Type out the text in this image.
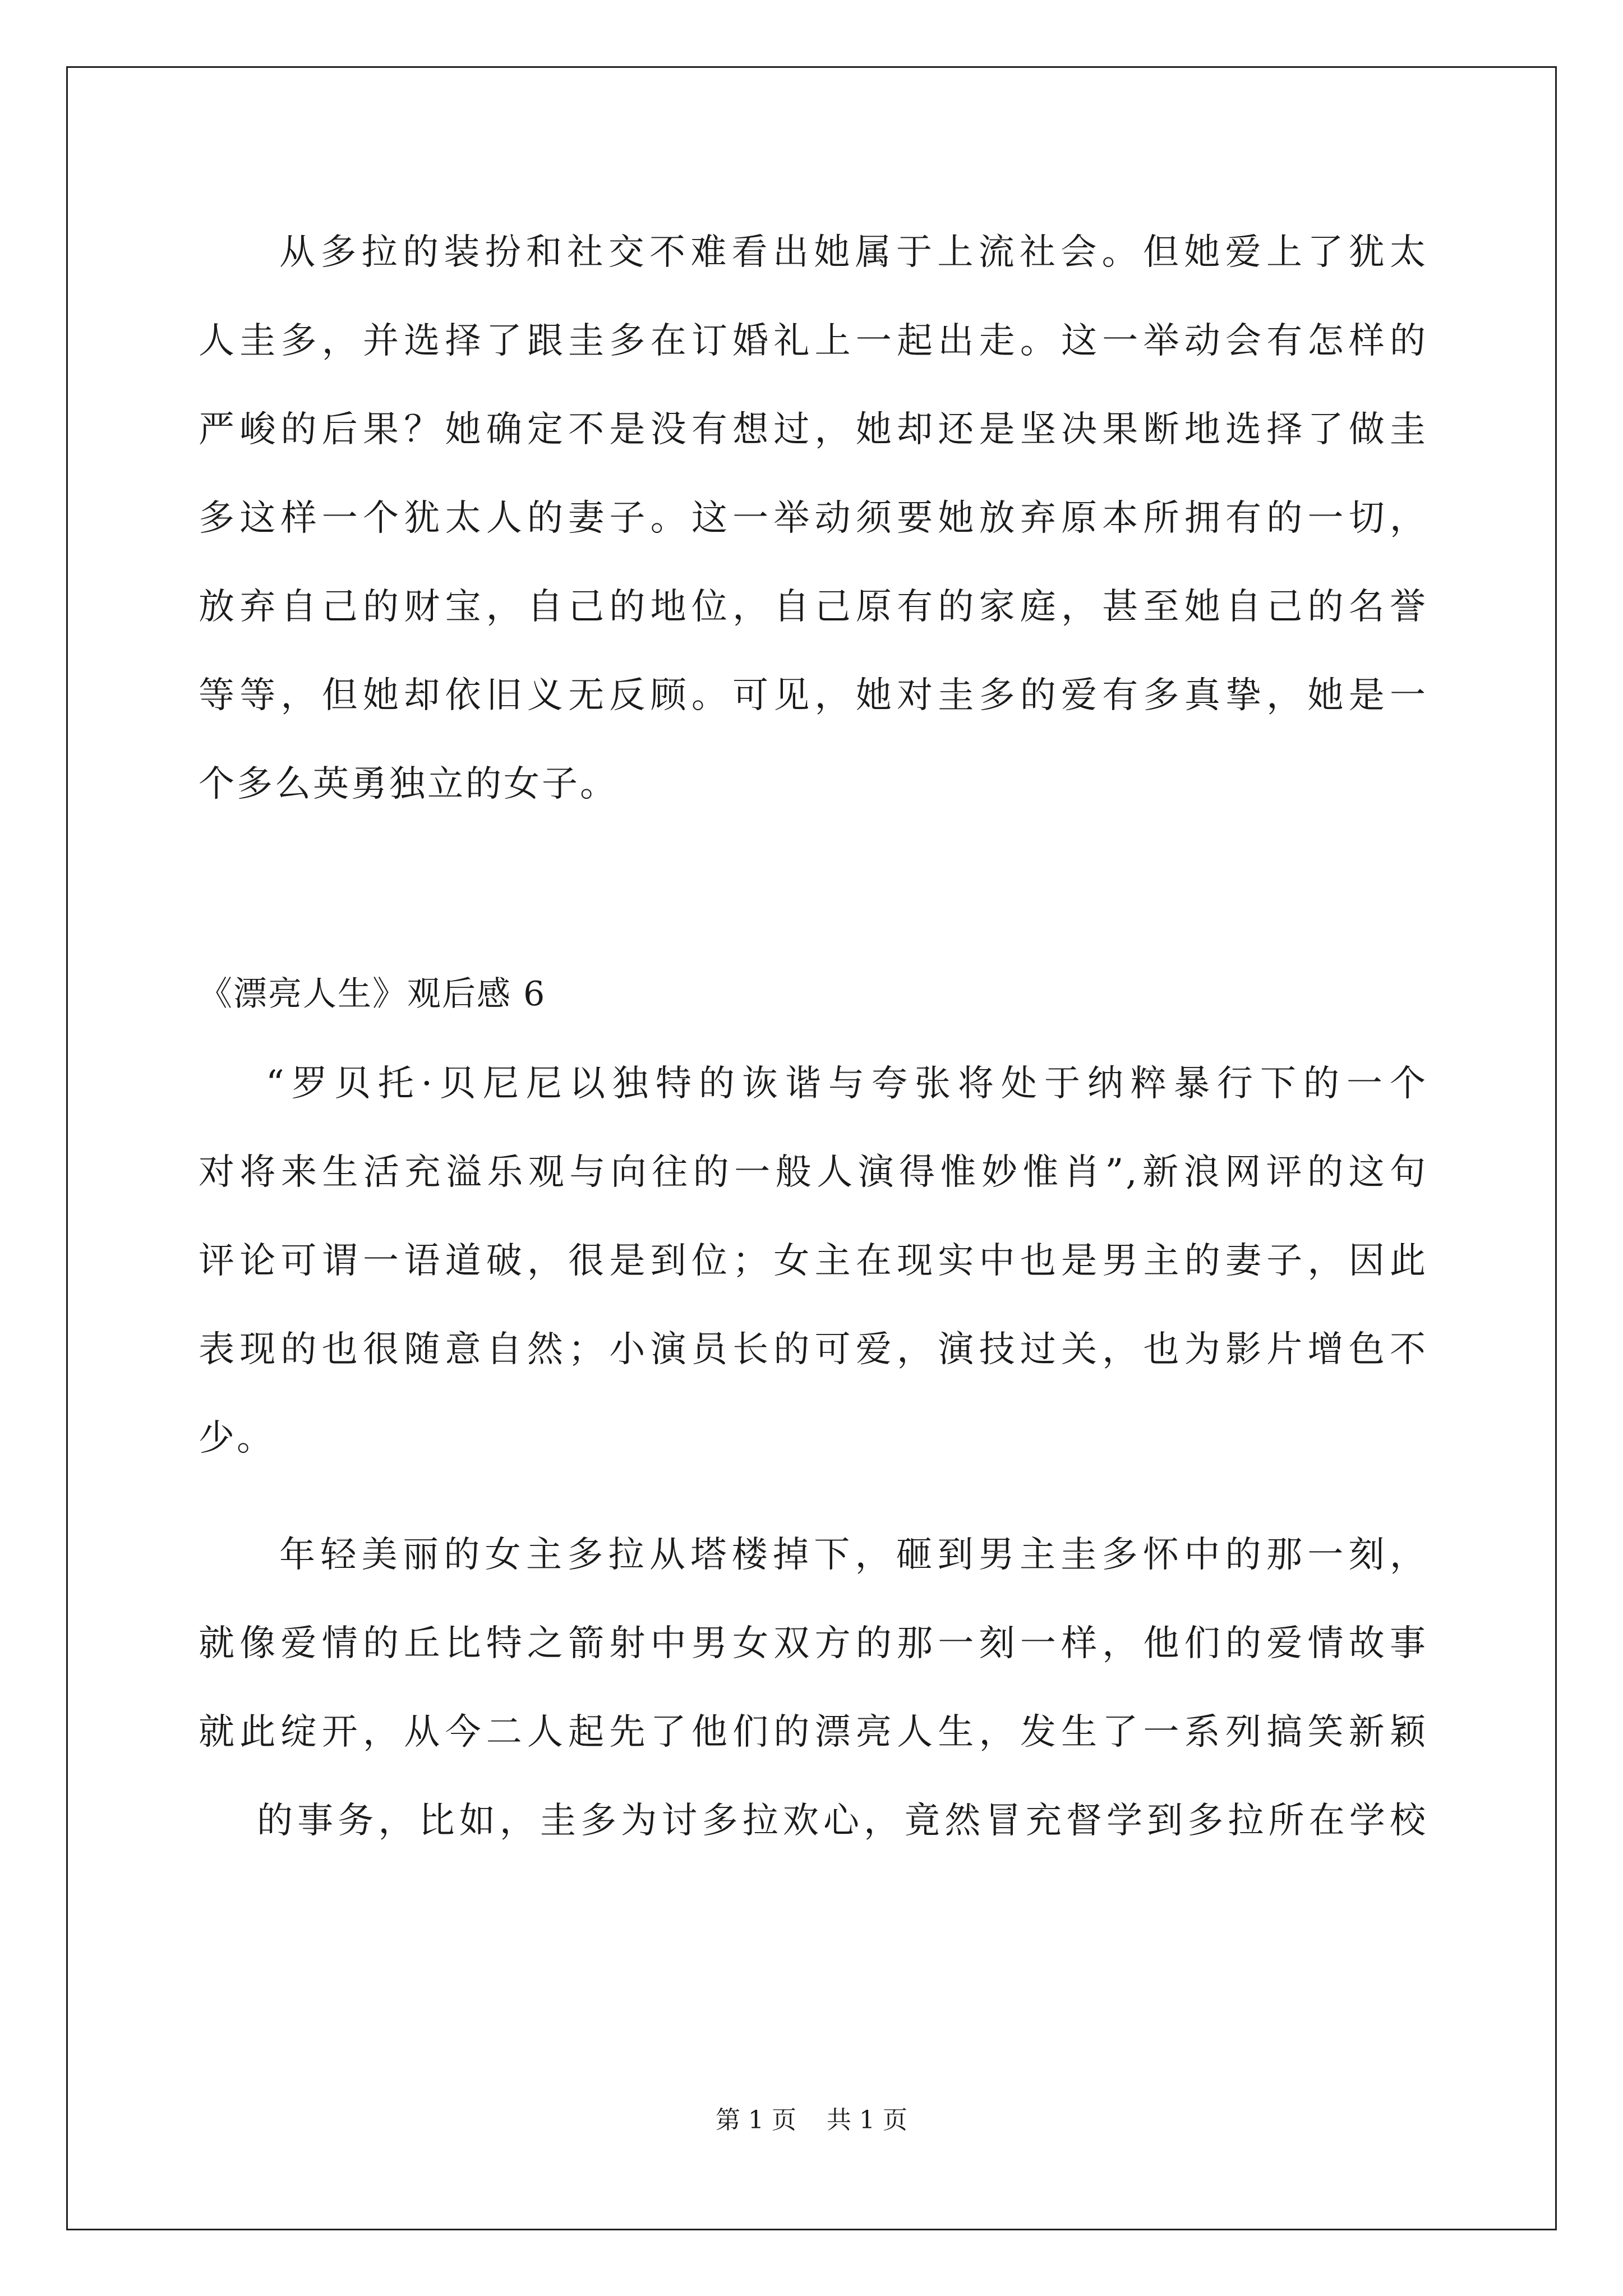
从多拉的装扮和社交不难看出她属于上流社会。但她爱上了犹太
人圭多，并选择了跟圭多在订婚礼上一起出走。这一举动会有怎样的
严峻的后果？她确定不是没有想过，她却还是坚决果断地选择了做圭
多这样一个犹太人的妻子。这一举动须要她放弃原本所拥有的一切，
放弃自己的财宝，自己的地位，自己原有的家庭，甚至她自己的名誉
等等，但她却依旧义无反顾。可见，她对圭多的爱有多真挚，她是一
个多么英勇独立的女子。
《漂亮人生》观后感 6
“罗贝托·贝尼尼以独特的诙谐与夸张将处于纳粹暴行下的一个
对将来生活充溢乐观与向往的一般人演得惟妙惟肖”,新浪网评的这句
评论可谓一语道破，很是到位；女主在现实中也是男主的妻子，因此
表现的也很随意自然；小演员长的可爱，演技过关，也为影片增色不
少。
年轻美丽的女主多拉从塔楼掉下，砸到男主圭多怀中的那一刻，
就像爱情的丘比特之箭射中男女双方的那一刻一样，他们的爱情故事
就此绽开，从今二人起先了他们的漂亮人生，发生了一系列搞笑新颖
的事务，比如，圭多为讨多拉欢心，竟然冒充督学到多拉所在学校
第 1 页 共 1 页
